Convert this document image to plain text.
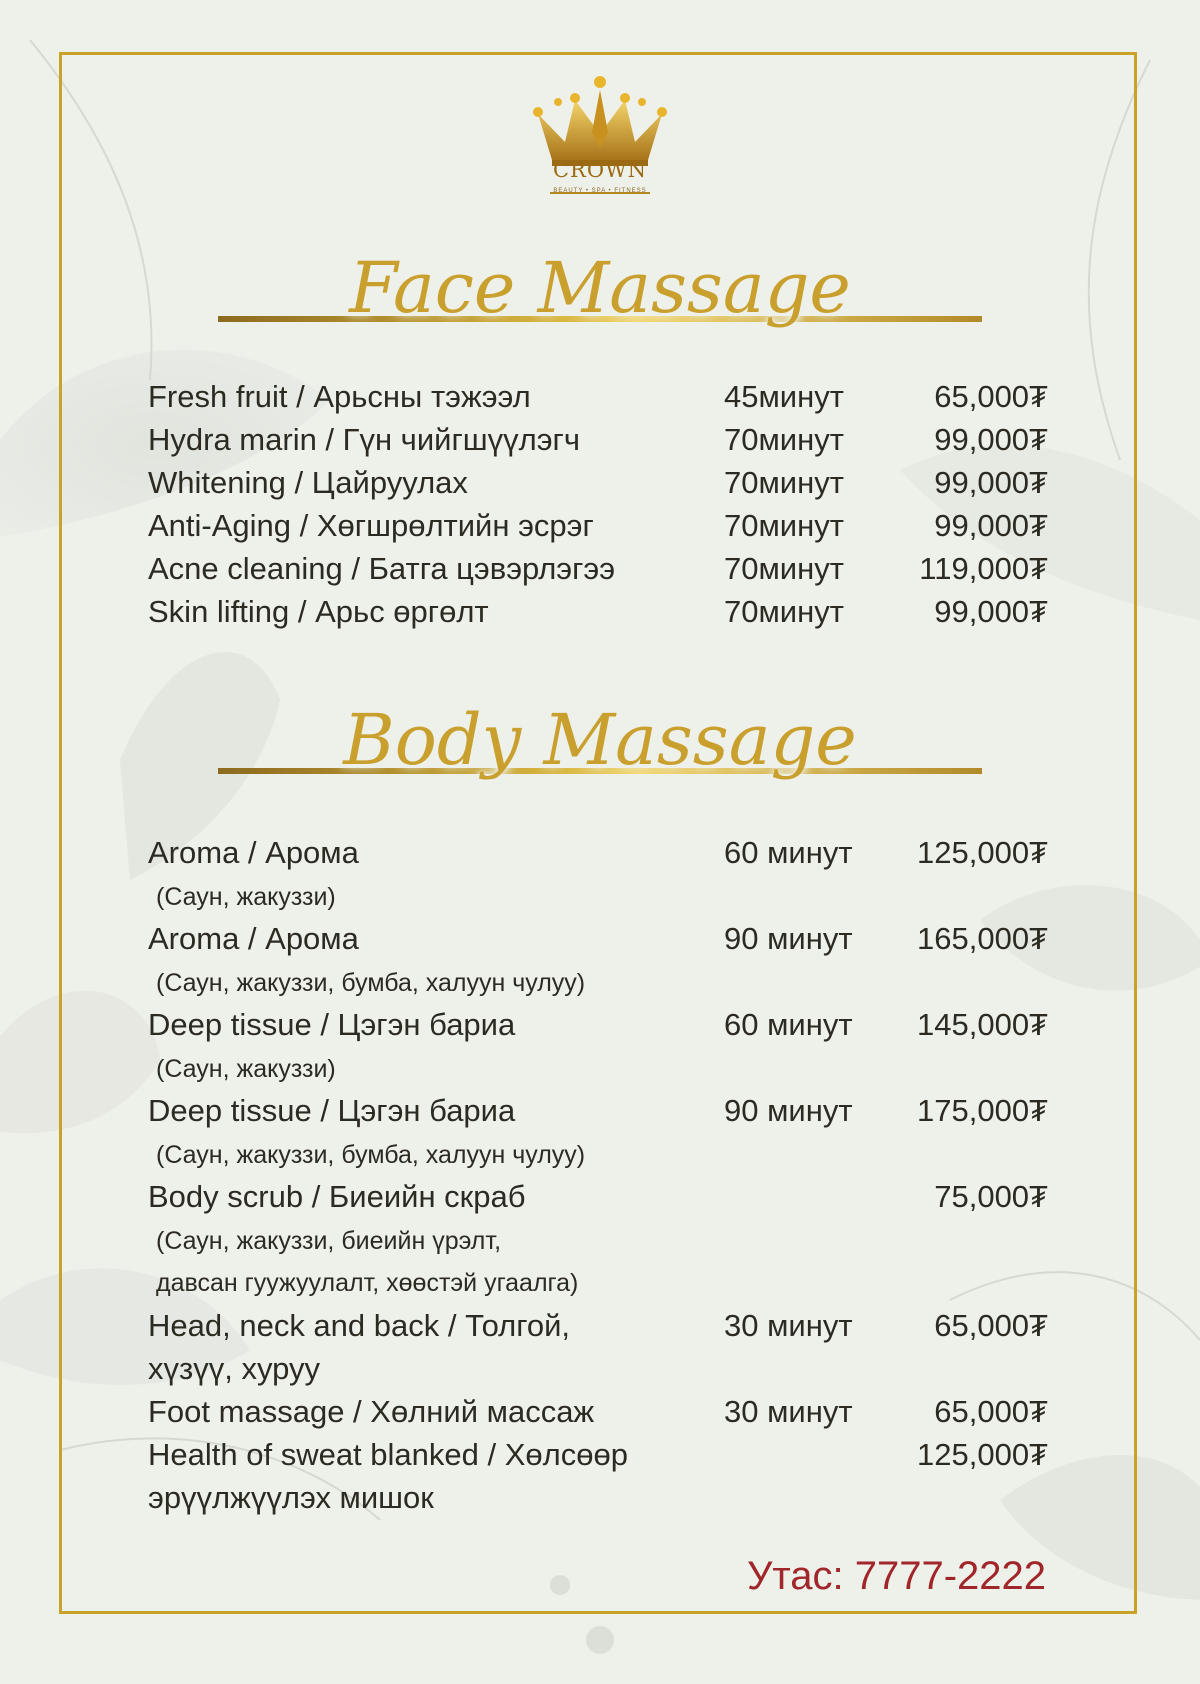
CROWN
BEAUTY • SPA • FITNESS
Face Massage
Fresh fruit / Арьсны тэжээл	45минут	65,000₮
Hydra marin / Гүн чийгшүүлэгч	70минут	99,000₮
Whitening / Цайруулах	70минут	99,000₮
Anti-Aging / Хөгшрөлтийн эсрэг	70минут	99,000₮
Acne cleaning / Батга цэвэрлэгээ	70минут 119,000₮
Skin lifting / Арьс өргөлт	70минут	99,000₮
Body Massage
Aroma / Арома	60 минут 125,000₮
(Саун, жакуззи)
Aroma / Арома	90 минут 165,000₮
(Саун, жакуззи, бумба, халуун чулуу)
Deep tissue / Цэгэн бариа	60 минут 145,000₮
(Саун, жакуззи)
Deep tissue / Цэгэн бариа	90 минут 175,000₮
(Саун, жакуззи, бумба, халуун чулуу)
Body scrub / Биеийн скраб	75,000₮
(Саун, жакуззи, биеийн үрэлт,
давсан гуужуулалт, хөөстэй угаалга)
Head, neck and back / Толгой,	30 минут	65,000₮
хүзүү, хуруу
Foot massage / Хөлний массаж	30 минут	65,000₮
Health of sweat blanked / Хөлсөөр	125,000₮
эрүүлжүүлэх мишок
Утас: 7777-2222
